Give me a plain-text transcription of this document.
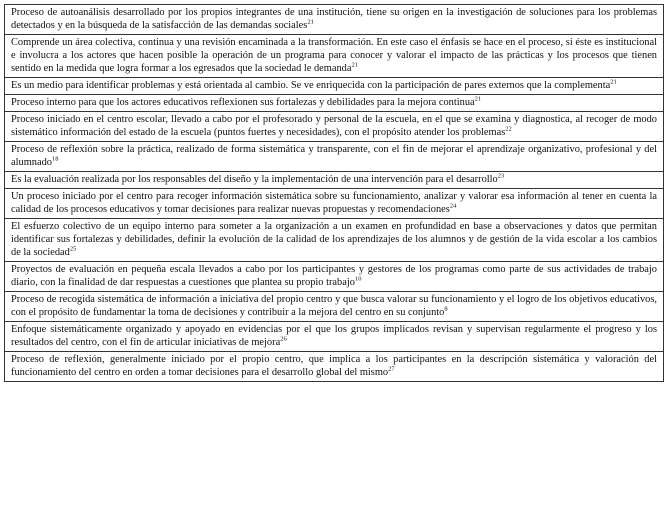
Proceso de autoanálisis desarrollado por los propios integrantes de una institución, tiene su origen en la investigación de soluciones para los problemas detectados y en la búsqueda de la satisfacción de las demandas sociales$^{21}$
Comprende un área colectiva, continua y una revisión encaminada a la transformación. En este caso el énfasis se hace en el proceso, si éste es institucional e involucra a los actores que hacen posible la operación de un programa para conocer y valorar el impacto de las prácticas y los procesos que tienen sentido en la medida que logra formar a los egresados que la sociedad le demanda$^{21}$
Es un medio para identificar problemas y está orientada al cambio. Se ve enriquecida con la participación de pares externos que la complementa$^{21}$
Proceso interno para que los actores educativos reflexionen sus fortalezas y debilidades para la mejora continua$^{21}$
Proceso iniciado en el centro escolar, llevado a cabo por el profesorado y personal de la escuela, en el que se examina y diagnostica, al recoger de modo sistemático información del estado de la escuela (puntos fuertes y necesidades), con el propósito atender los problemas$^{22}$
Proceso de reflexión sobre la práctica, realizado de forma sistemática y transparente, con el fin de mejorar el aprendizaje organizativo, profesional y del alumnado$^{18}$
Es la evaluación realizada por los responsables del diseño y la implementación de una intervención para el desarrollo$^{23}$
Un proceso iniciado por el centro para recoger información sistemática sobre su funcionamiento, analizar y valorar esa información al tener en cuenta la calidad de los procesos educativos y tomar decisiones para realizar nuevas propuestas y recomendaciones$^{24}$
El esfuerzo colectivo de un equipo interno para someter a la organización a un examen en profundidad en base a observaciones y datos que permitan identificar sus fortalezas y debilidades, definir la evolución de la calidad de los aprendizajes de los alumnos y de gestión de la vida escolar a los cambios de la sociedad$^{25}$
Proyectos de evaluación en pequeña escala llevados a cabo por los participantes y gestores de los programas como parte de sus actividades de trabajo diario, con la finalidad de dar respuestas a cuestiones que plantea su propio trabajo$^{10}$
Proceso de recogida sistemática de información a iniciativa del propio centro y que busca valorar su funcionamiento y el logro de los objetivos educativos, con el propósito de fundamentar la toma de decisiones y contribuir a la mejora del centro en su conjunto$^8$
Enfoque sistemáticamente organizado y apoyado en evidencias por el que los grupos implicados revisan y supervisan regularmente el progreso y los resultados del centro, con el fin de articular iniciativas de mejora$^{26}$
Proceso de reflexión, generalmente iniciado por el propio centro, que implica a los participantes en la descripción sistemática y valoración del funcionamiento del centro en orden a tomar decisiones para el desarrollo global del mismo$^{27}$
